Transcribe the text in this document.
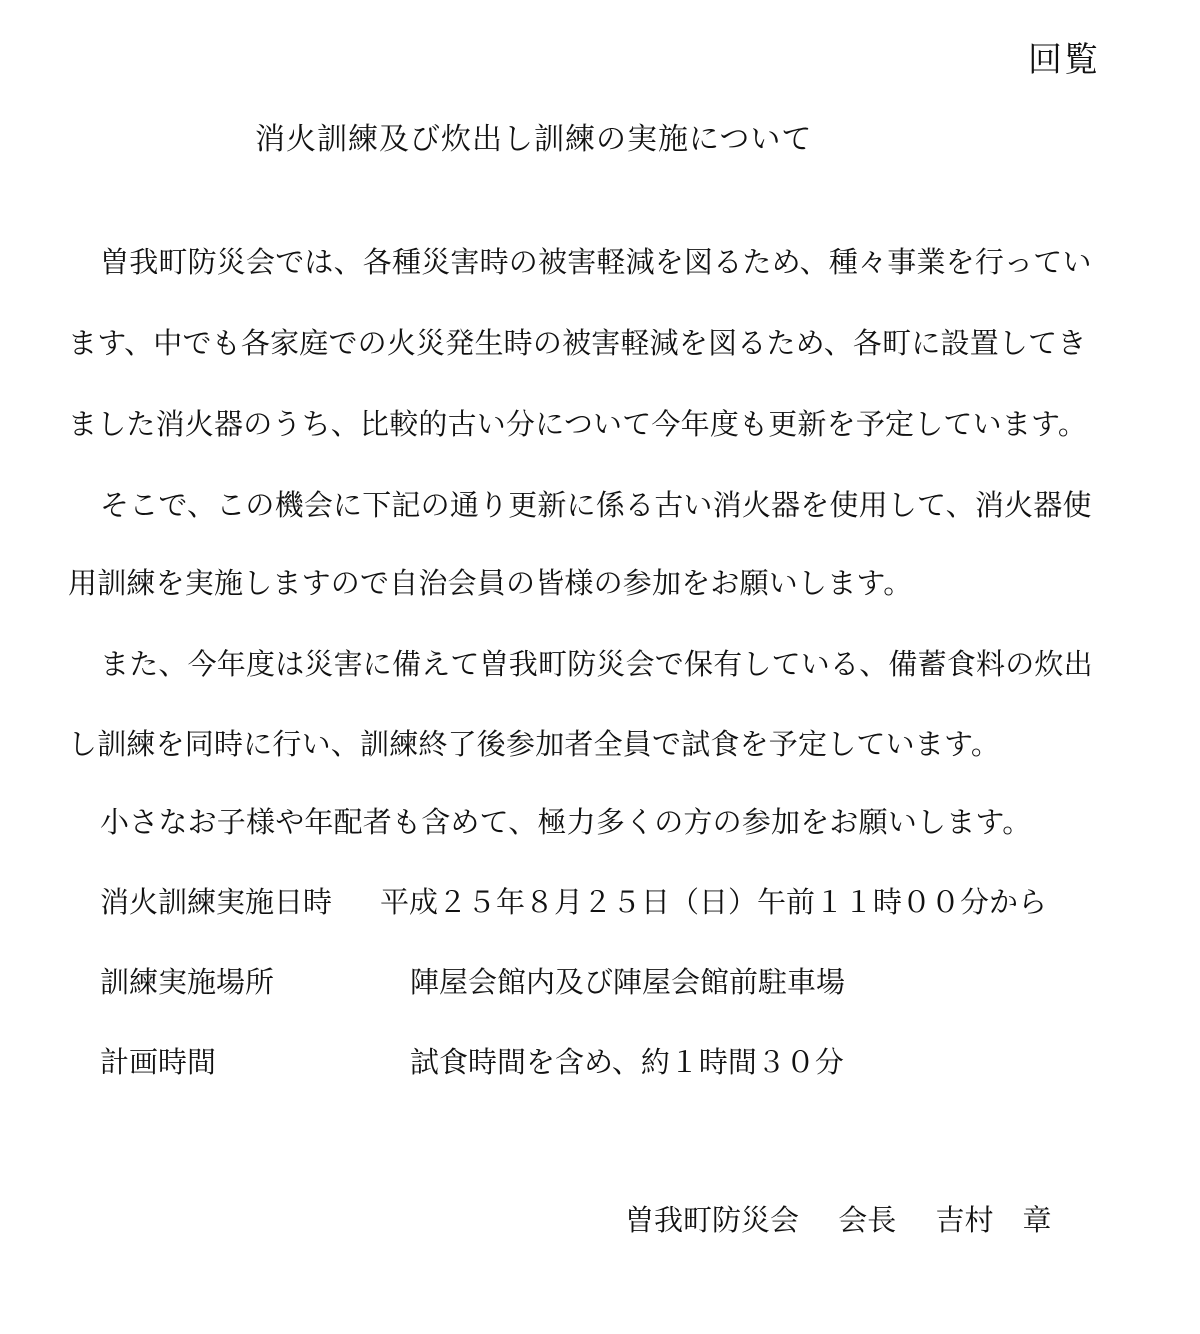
回覧
消火訓練及び炊出し訓練の実施について
曽我町防災会では、各種災害時の被害軽減を図るため、種々事業を行ってい
ます、中でも各家庭での火災発生時の被害軽減を図るため、各町に設置してき
ました消火器のうち、比較的古い分について今年度も更新を予定しています。
そこで、この機会に下記の通り更新に係る古い消火器を使用して、消火器使
用訓練を実施しますので自治会員の皆様の参加をお願いします。
また、今年度は災害に備えて曽我町防災会で保有している、備蓄食料の炊出
し訓練を同時に行い、訓練終了後参加者全員で試食を予定しています。
小さなお子様や年配者も含めて、極力多くの方の参加をお願いします。
消火訓練実施日時 平成２５年８月２５日（日）午前１１時００分から
訓練実施場所	陣屋会館内及び陣屋会館前駐車場
計画時間	試食時間を含め、約１時間３０分
曽我町防災会 会長 吉村　章
